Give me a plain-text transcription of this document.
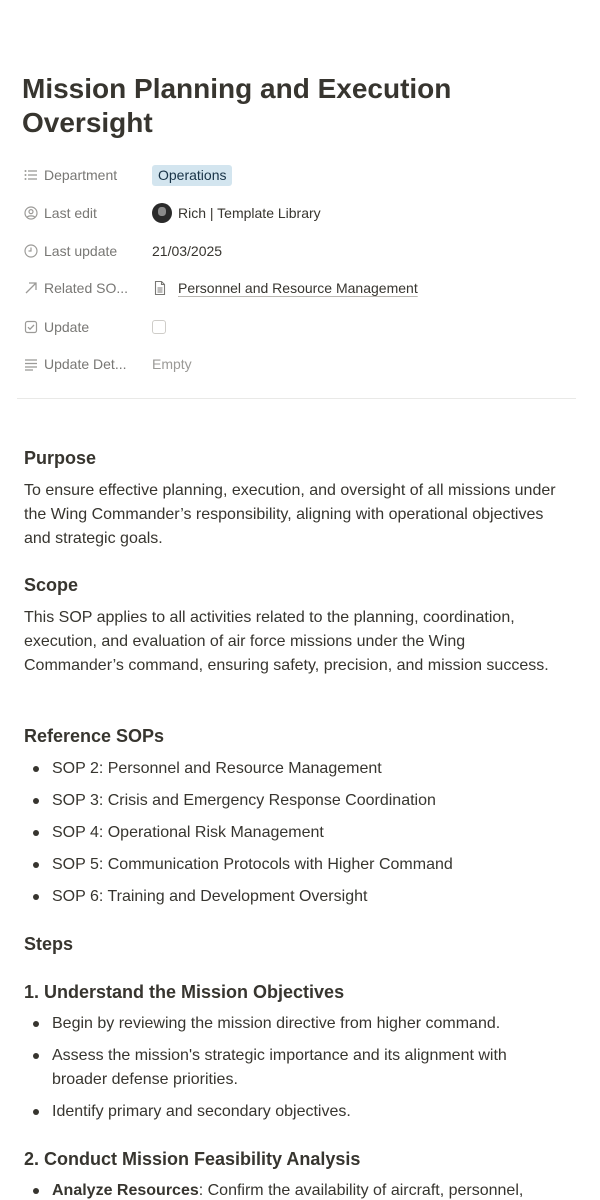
Mission Planning and Execution Oversight
Department	Operations
Last edit	Rich | Template Library
Last update 21/03/2025
Related SO...	Personnel and Resource Management
Update
Update Det... Empty
Purpose

To ensure effective planning, execution, and oversight of all missions under the Wing Commander’s responsibility, aligning with operational objectives and strategic goals.

Scope

This SOP applies to all activities related to the planning, coordination, execution, and evaluation of air force missions under the Wing Commander’s command, ensuring safety, precision, and mission success.

Reference SOPs
SOP 2: Personnel and Resource Management
SOP 3: Crisis and Emergency Response Coordination
SOP 4: Operational Risk Management
SOP 5: Communication Protocols with Higher Command
SOP 6: Training and Development Oversight
Steps
1. Understand the Mission Objectives
Begin by reviewing the mission directive from higher command.
Assess the mission's strategic importance and its alignment with broader defense priorities.
Identify primary and secondary objectives.
2. Conduct Mission Feasibility Analysis
Analyze Resources: Confirm the availability of aircraft, personnel,
